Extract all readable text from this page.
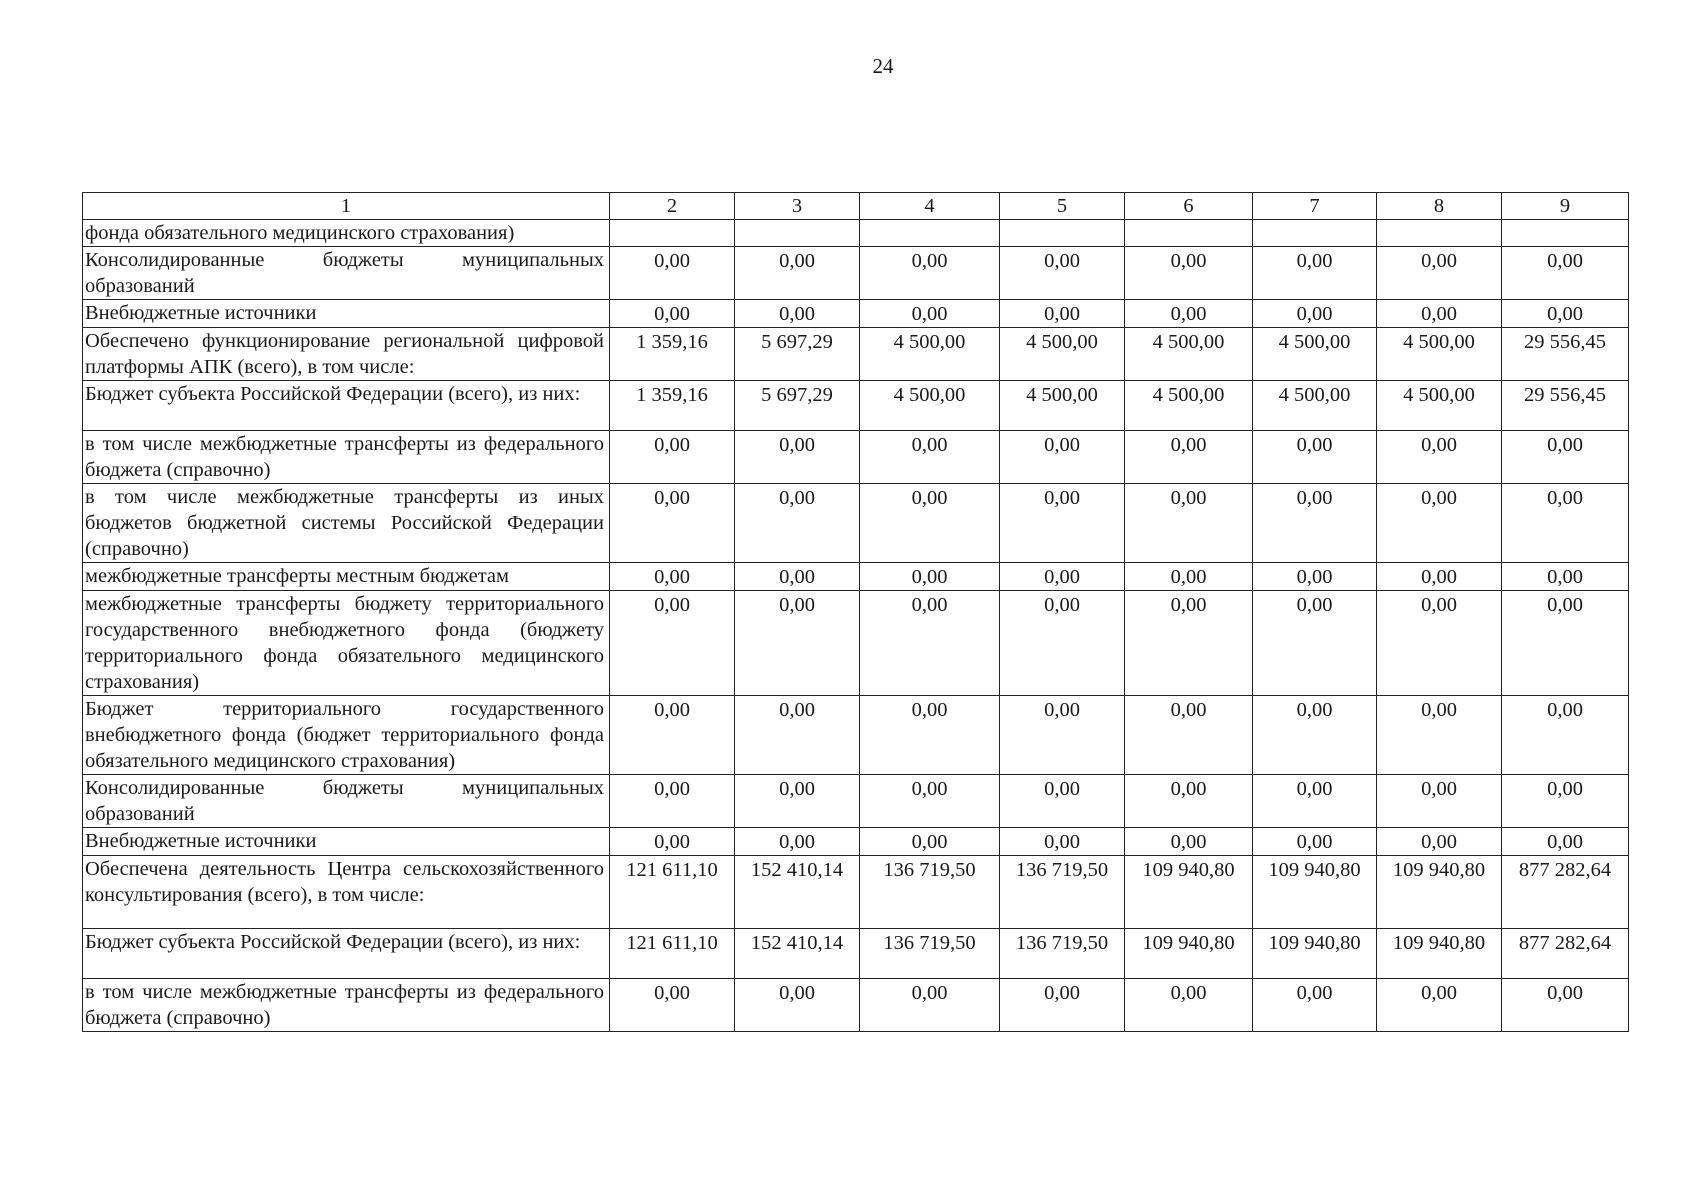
24
1	2	3	4	5	6	7	8	9
фонда обязательного медицинского страхования)								
Консолидированные бюджеты муниципальных образований	0,00	0,00	0,00	0,00	0,00	0,00	0,00	0,00
Внебюджетные источники	0,00	0,00	0,00	0,00	0,00	0,00	0,00	0,00
Обеспечено функционирование региональной цифровой платформы АПК (всего), в том числе:	1 359,16	5 697,29	4 500,00	4 500,00	4 500,00	4 500,00	4 500,00	29 556,45
Бюджет субъекта Российской Федерации (всего), из них:	1 359,16	5 697,29	4 500,00	4 500,00	4 500,00	4 500,00	4 500,00	29 556,45
в том числе межбюджетные трансферты из федерального бюджета (справочно)	0,00	0,00	0,00	0,00	0,00	0,00	0,00	0,00
в том числе межбюджетные трансферты из иных бюджетов бюджетной системы Российской Федерации (справочно)	0,00	0,00	0,00	0,00	0,00	0,00	0,00	0,00
межбюджетные трансферты местным бюджетам	0,00	0,00	0,00	0,00	0,00	0,00	0,00	0,00
межбюджетные трансферты бюджету территориального государственного внебюджетного фонда (бюджету территориального фонда обязательного медицинского страхования)	0,00	0,00	0,00	0,00	0,00	0,00	0,00	0,00
Бюджет территориального государственного внебюджетного фонда (бюджет территориального фонда обязательного медицинского страхования)	0,00	0,00	0,00	0,00	0,00	0,00	0,00	0,00
Консолидированные бюджеты муниципальных образований	0,00	0,00	0,00	0,00	0,00	0,00	0,00	0,00
Внебюджетные источники	0,00	0,00	0,00	0,00	0,00	0,00	0,00	0,00
Обеспечена деятельность Центра сельскохозяйственного консультирования (всего), в том числе:	121 611,10	152 410,14	136 719,50	136 719,50	109 940,80	109 940,80	109 940,80	877 282,64
Бюджет субъекта Российской Федерации (всего), из них:	121 611,10	152 410,14	136 719,50	136 719,50	109 940,80	109 940,80	109 940,80	877 282,64
в том числе межбюджетные трансферты из федерального бюджета (справочно)	0,00	0,00	0,00	0,00	0,00	0,00	0,00	0,00
